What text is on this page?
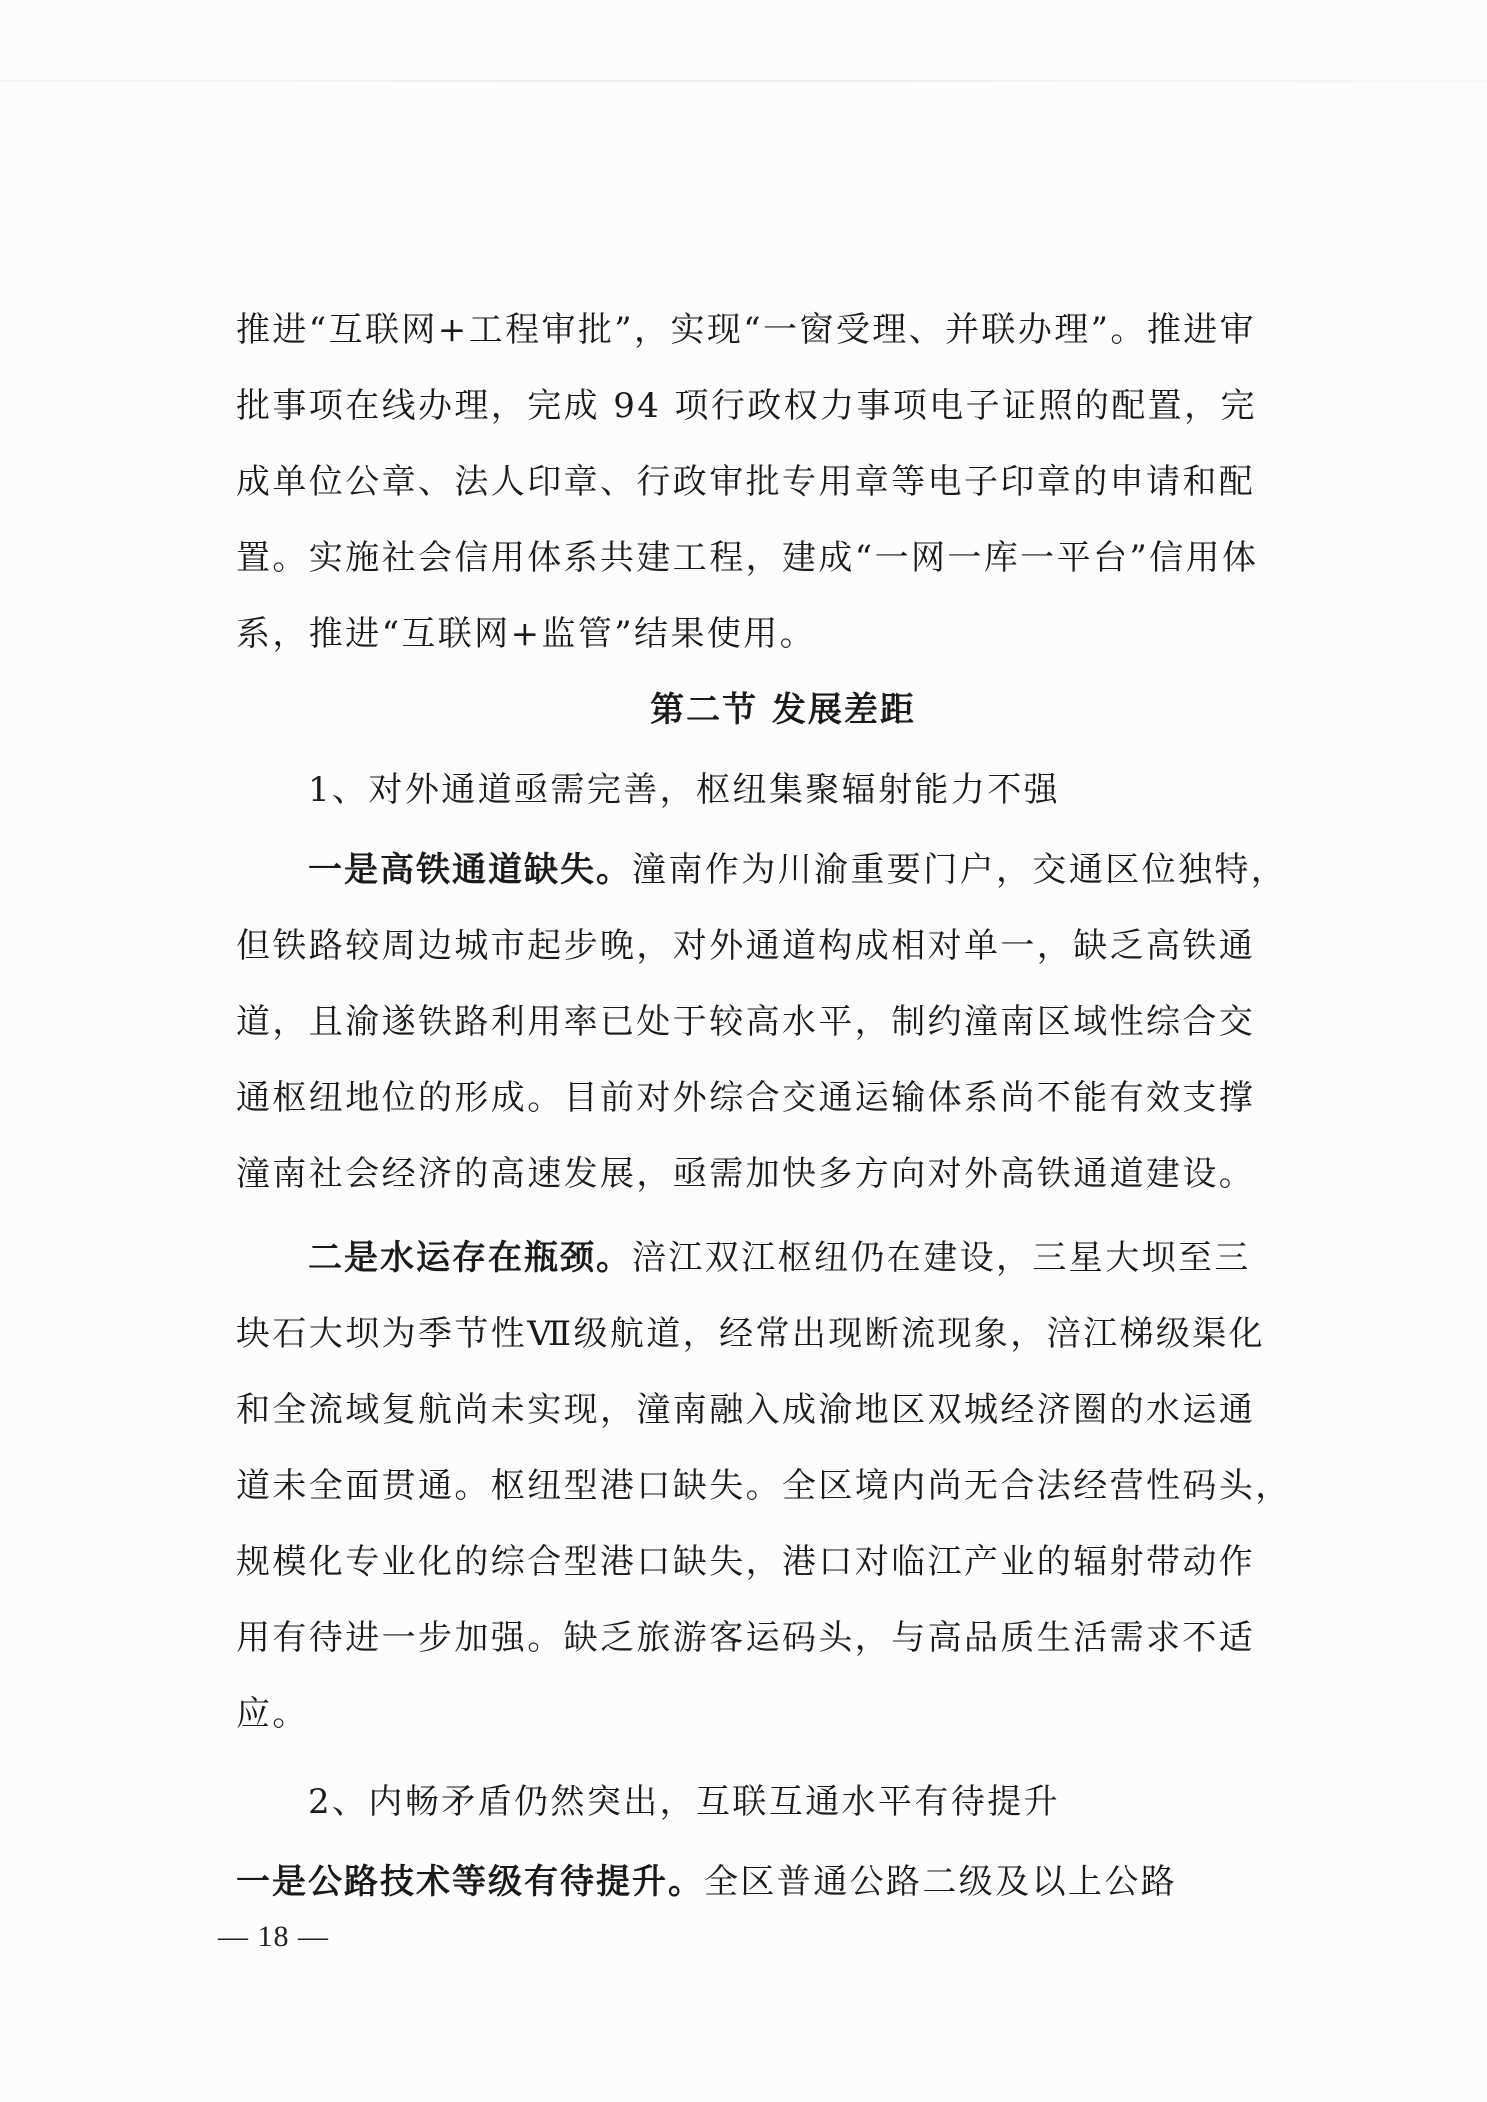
推进“互联网+工程审批”，实现“一窗受理、并联办理”。推进审
批事项在线办理，完成 94 项行政权力事项电子证照的配置，完
成单位公章、法人印章、行政审批专用章等电子印章的申请和配
置。实施社会信用体系共建工程，建成“一网一库一平台”信用体
系，推进“互联网+监管”结果使用。
第二节 发展差距
1、对外通道亟需完善，枢纽集聚辐射能力不强
一是高铁通道缺失。潼南作为川渝重要门户，交通区位独特，
但铁路较周边城市起步晚，对外通道构成相对单一，缺乏高铁通
道，且渝遂铁路利用率已处于较高水平，制约潼南区域性综合交
通枢纽地位的形成。目前对外综合交通运输体系尚不能有效支撑
潼南社会经济的高速发展，亟需加快多方向对外高铁通道建设。
二是水运存在瓶颈。涪江双江枢纽仍在建设，三星大坝至三
块石大坝为季节性Ⅶ级航道，经常出现断流现象，涪江梯级渠化
和全流域复航尚未实现，潼南融入成渝地区双城经济圈的水运通
道未全面贯通。枢纽型港口缺失。全区境内尚无合法经营性码头，
规模化专业化的综合型港口缺失，港口对临江产业的辐射带动作
用有待进一步加强。缺乏旅游客运码头，与高品质生活需求不适
应。
2、内畅矛盾仍然突出，互联互通水平有待提升
一是公路技术等级有待提升。全区普通公路二级及以上公路
— 18 —
